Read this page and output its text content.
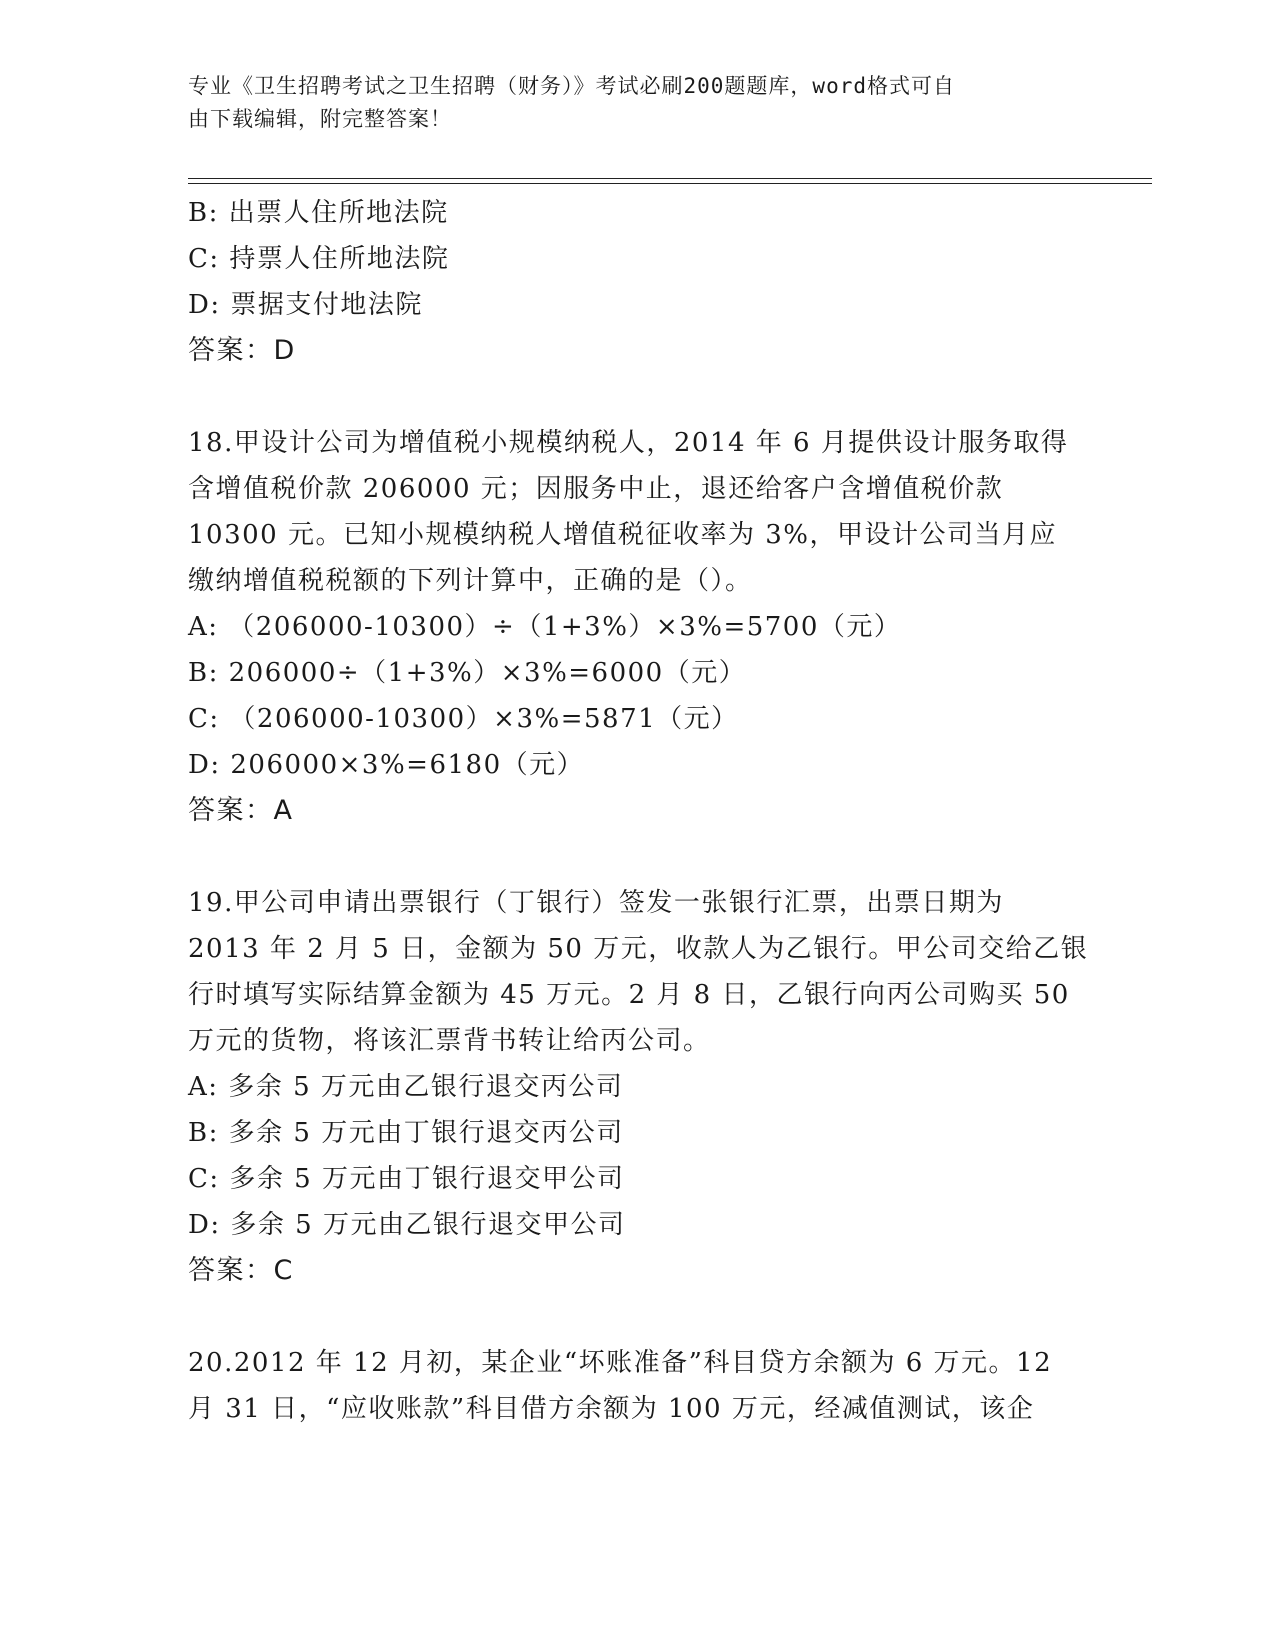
专业《卫生招聘考试之卫生招聘（财务）》考试必刷200题题库，word格式可自
由下载编辑，附完整答案！
B: 出票人住所地法院
C: 持票人住所地法院
D: 票据支付地法院
答案：D
18.甲设计公司为增值税小规模纳税人，2014 年 6 月提供设计服务取得
含增值税价款 206000 元；因服务中止，退还给客户含增值税价款
10300 元。已知小规模纳税人增值税征收率为 3%，甲设计公司当月应
缴纳增值税税额的下列计算中，正确的是（）。
A: （206000-10300）÷（1+3%）×3%=5700（元）
B: 206000÷（1+3%）×3%=6000（元）
C: （206000-10300）×3%=5871（元）
D: 206000×3%=6180（元）
答案：A
19.甲公司申请出票银行（丁银行）签发一张银行汇票，出票日期为
2013 年 2 月 5 日，金额为 50 万元，收款人为乙银行。甲公司交给乙银
行时填写实际结算金额为 45 万元。2 月 8 日，乙银行向丙公司购买 50
万元的货物，将该汇票背书转让给丙公司。
A: 多余 5 万元由乙银行退交丙公司
B: 多余 5 万元由丁银行退交丙公司
C: 多余 5 万元由丁银行退交甲公司
D: 多余 5 万元由乙银行退交甲公司
答案：C
20.2012 年 12 月初，某企业“坏账准备”科目贷方余额为 6 万元。12
月 31 日，“应收账款”科目借方余额为 100 万元，经减值测试，该企
